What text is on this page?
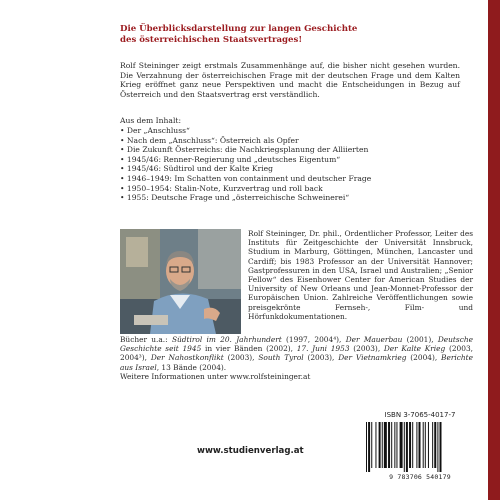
Die Überblicksdarstellung zur langen Geschichte
des österreichischen Staatsvertrages!
Rolf Steininger zeigt erstmals Zusammenhänge auf, die bisher nicht gesehen wurden. Die Verzahnung der österreichischen Frage mit der deutschen Frage und dem Kalten Krieg eröffnet ganz neue Perspektiven und macht die Entscheidungen in Bezug auf Österreich und den Staatsvertrag erst verständlich.
Aus dem Inhalt:
• Der „Anschluss“
• Nach dem „Anschluss“: Österreich als Opfer
• Die Zukunft Österreichs: die Nachkriegsplanung der Alliierten
• 1945/46: Renner-Regierung und „deutsches Eigentum“
• 1945/46: Südtirol und der Kalte Krieg
• 1946–1949: Im Schatten von containment und deutscher Frage
• 1950–1954: Stalin-Note, Kurzvertrag und roll back
• 1955: Deutsche Frage und „österreichische Schweinerei“
Rolf Steininger, Dr. phil., Ordentlicher Professor, Leiter des Instituts für Zeitgeschichte der Universität Innsbruck, Studium in Marburg, Göttingen, München, Lancaster und Cardiff; bis 1983 Professor an der Universität Hannover; Gastprofessuren in den USA, Israel und Australien; „Senior Fellow“ des Eisenhower Center for American Studies der University of New Orleans und Jean-Monnet-Professor der Europäischen Union. Zahlreiche Veröffentlichungen sowie preisgekrönte Fernseh-, Film- und Hörfunkdokumentationen.
Bücher u.a.: Südtirol im 20. Jahrhundert (1997, 2004⁴), Der Mauerbau (2001), Deutsche Geschichte seit 1945 in vier Bänden (2002), 17. Juni 1953 (2003), Der Kalte Krieg (2003, 2004³), Der Nahostkonflikt (2003), South Tyrol (2003), Der Vietnamkrieg (2004), Berichte aus Israel, 13 Bände (2004).
Weitere Informationen unter www.rolfsteininger.at
www.studienverlag.at
ISBN 3-7065-4017-7
9 783706 540179
